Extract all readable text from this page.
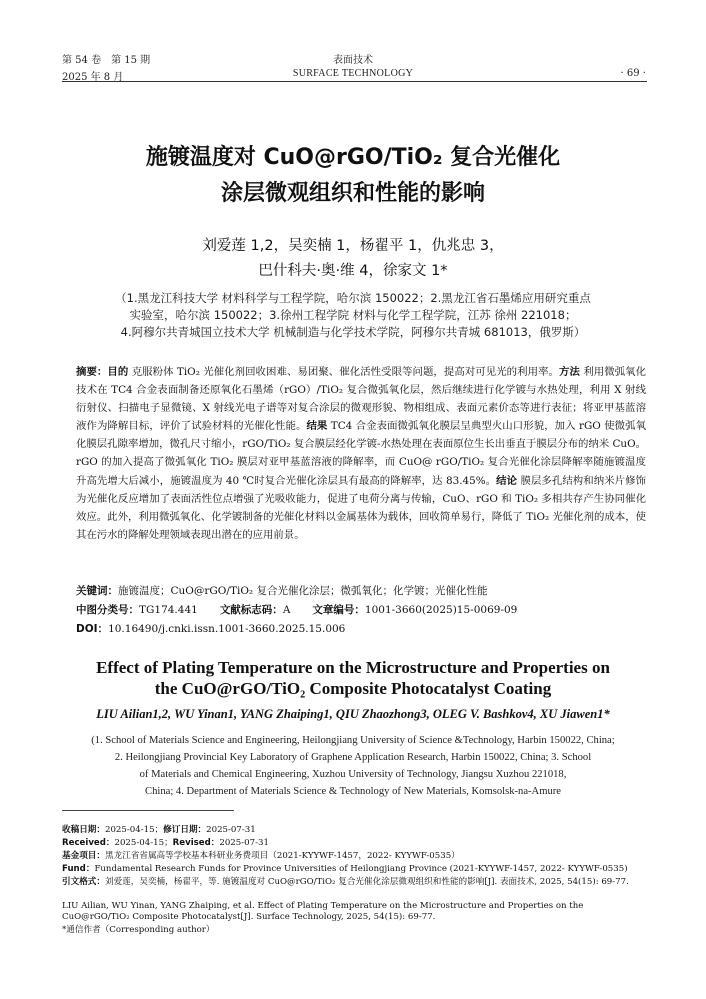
第 54 卷　第 15 期
2025 年 8 月
表面技术
SURFACE TECHNOLOGY	· 69 ·
施镀温度对 CuO@rGO/TiO₂ 复合光催化
涂层微观组织和性能的影响
刘爱莲 1,2，吴奕楠 1，杨翟平 1，仇兆忠 3，
巴什科夫·奥·维 4，徐家文 1*
（1.黑龙江科技大学 材料科学与工程学院，哈尔滨 150022；2.黑龙江省石墨烯应用研究重点
实验室，哈尔滨 150022；3.徐州工程学院 材料与化学工程学院，江苏 徐州 221018；
4.阿穆尔共青城国立技术大学 机械制造与化学技术学院，阿穆尔共青城 681013，俄罗斯）
摘要：目的 克服粉体 TiO₂ 光催化剂回收困难、易团聚、催化活性受限等问题，提高对可见光的利用率。方法 利用微弧氧化技术在 TC4 合金表面制备还原氧化石墨烯（rGO）/TiO₂ 复合微弧氧化层，然后继续进行化学镀与水热处理，利用 X 射线衍射仪、扫描电子显微镜、X 射线光电子谱等对复合涂层的微观形貌、物相组成、表面元素价态等进行表征；将亚甲基蓝溶液作为降解目标，评价了试验材料的光催化性能。结果 TC4 合金表面微弧氧化膜层呈典型火山口形貌，加入 rGO 使微弧氧化膜层孔隙率增加，微孔尺寸缩小，rGO/TiO₂ 复合膜层经化学镀-水热处理在表面原位生长出垂直于膜层分布的纳米 CuO。rGO 的加入提高了微弧氧化 TiO₂ 膜层对亚甲基蓝溶液的降解率，而 CuO@ rGO/TiO₂ 复合光催化涂层降解率随施镀温度升高先增大后减小，施镀温度为 40 ℃时复合光催化涂层具有最高的降解率，达 83.45%。结论 膜层多孔结构和纳米片修饰为光催化反应增加了表面活性位点增强了光吸收能力，促进了电荷分离与传输，CuO、rGO 和 TiO₂ 多相共存产生协同催化效应。此外，利用微弧氧化、化学镀制备的光催化材料以金属基体为载体，回收简单易行，降低了 TiO₂ 光催化剂的成本，使其在污水的降解处理领域表现出潜在的应用前景。
关键词：施镀温度；CuO@rGO/TiO₂ 复合光催化涂层；微弧氧化；化学镀；光催化性能
中图分类号：TG174.441 文献标志码：A 文章编号：1001-3660(2025)15-0069-09
DOI：10.16490/j.cnki.issn.1001-3660.2025.15.006
Effect of Plating Temperature on the Microstructure and Properties on
the CuO@rGO/TiO₂ Composite Photocatalyst Coating
LIU Ailian1,2, WU Yinan1, YANG Zhaiping1, QIU Zhaozhong3, OLEG V. Bashkov4, XU Jiawen1*
(1. School of Materials Science and Engineering, Heilongjiang University of Science &Technology, Harbin 150022, China;
2. Heilongjiang Provincial Key Laboratory of Graphene Application Research, Harbin 150022, China; 3. School
of Materials and Chemical Engineering, Xuzhou University of Technology, Jiangsu Xuzhou 221018,
China; 4. Department of Materials Science & Technology of New Materials, Komsolsk-na-Amure
收稿日期：2025-04-15；修订日期：2025-07-31
Received：2025-04-15；Revised：2025-07-31
基金项目：黑龙江省省属高等学校基本科研业务费项目（2021-KYYWF-1457，2022- KYYWF-0535）
Fund：Fundamental Research Funds for Province Universities of Heilongjiang Province (2021-KYYWF-1457, 2022- KYYWF-0535)
引文格式：刘爱莲，吴奕楠，杨翟平，等. 施镀温度对 CuO@rGO/TiO₂ 复合光催化涂层微观组织和性能的影响[J]. 表面技术, 2025, 54(15): 69-77.
LIU Ailian, WU Yinan, YANG Zhaiping, et al. Effect of Plating Temperature on the Microstructure and Properties on the CuO@rGO/TiO₂ Composite Photocatalyst[J]. Surface Technology, 2025, 54(15): 69-77.
*通信作者（Corresponding author）
